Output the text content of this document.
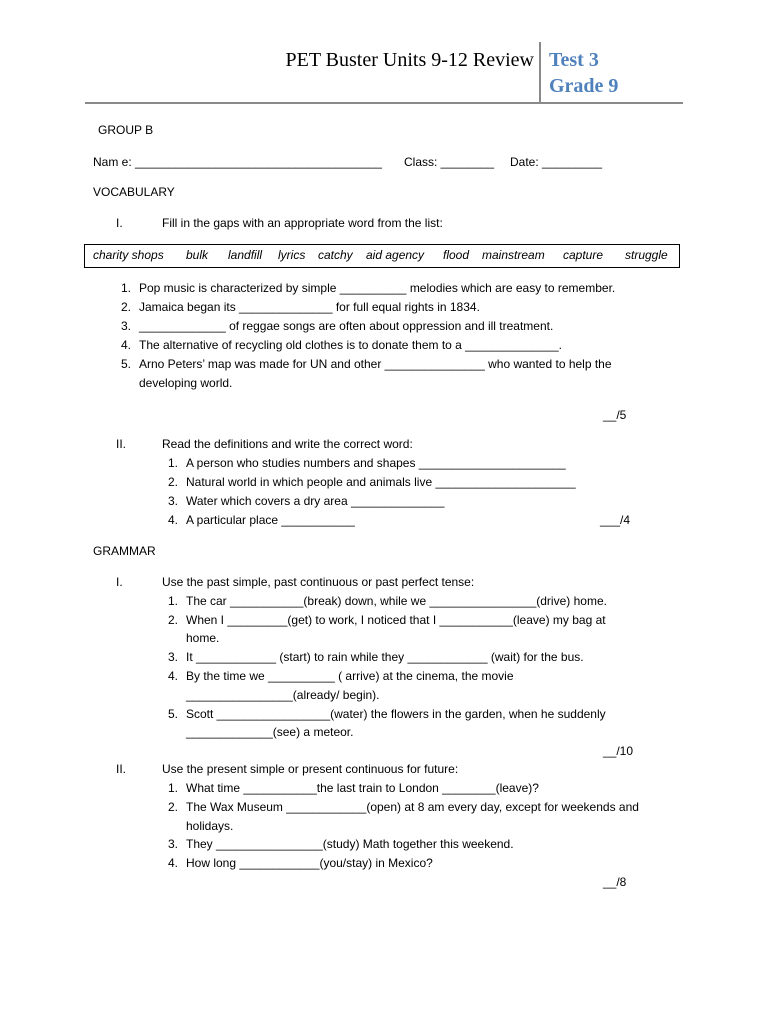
PET Buster Units 9-12 Review Test 3
Grade 9
GROUP B
Nam e: _____________________________________ Class: ________ Date: _________
VOCABULARY
I.	Fill in the gaps with an appropriate word from the list:
charity shops bulk landfill lyrics catchy aid agency flood mainstream capture struggle
1. Pop music is characterized by simple __________ melodies which are easy to remember.
2. Jamaica began its ______________ for full equal rights in 1834.
3. _____________ of reggae songs are often about oppression and ill treatment.
4. The alternative of recycling old clothes is to donate them to a ______________.
5. Arno Peters’ map was made for UN and other _______________ who wanted to help the
developing world.
__/5
II.	Read the definitions and write the correct word:
1. A person who studies numbers and shapes ______________________
2. Natural world in which people and animals live _____________________
3. Water which covers a dry area ______________
4. A particular place ___________	___/4
GRAMMAR
I.	Use the past simple, past continuous or past perfect tense:
1. The car ___________(break) down, while we ________________(drive) home.
2. When I _________(get) to work, I noticed that I ___________(leave) my bag at
home.
3. It ____________ (start) to rain while they ____________ (wait) for the bus.
4. By the time we __________ ( arrive) at the cinema, the movie
________________(already/ begin).
5. Scott _________________(water) the flowers in the garden, when he suddenly
_____________(see) a meteor.
__/10
II.	Use the present simple or present continuous for future:
1. What time ___________the last train to London ________(leave)?
2. The Wax Museum ____________(open) at 8 am every day, except for weekends and
holidays.
3. They ________________(study) Math together this weekend.
4. How long ____________(you/stay) in Mexico?
__/8
